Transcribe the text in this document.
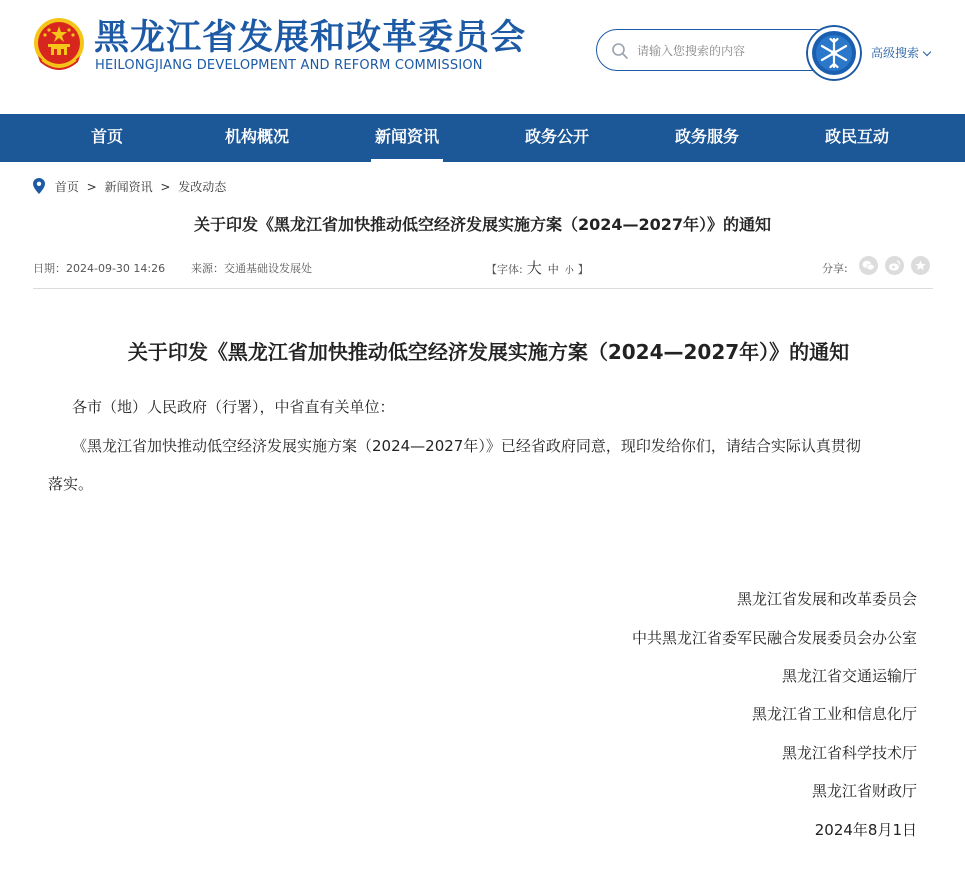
黑龙江省发展和改革委员会
HEILONGJIANG DEVELOPMENT AND REFORM COMMISSION
请输入您搜索的内容
高级搜索
首页	机构概况	新闻资讯	政务公开	政务服务	政民互动
首页 > 新闻资讯 > 发改动态
关于印发《黑龙江省加快推动低空经济发展实施方案（2024—2027年）》的通知
日期：2024-09-30 14:26 来源：交通基础设发展处	【字体: 大 中 小 】	分享:
关于印发《黑龙江省加快推动低空经济发展实施方案（2024—2027年）》的通知
各市（地）人民政府（行署），中省直有关单位：
《黑龙江省加快推动低空经济发展实施方案（2024—2027年）》已经省政府同意，现印发给你们，请结合实际认真贯彻
落实。
黑龙江省发展和改革委员会
中共黑龙江省委军民融合发展委员会办公室
黑龙江省交通运输厅
黑龙江省工业和信息化厅
黑龙江省科学技术厅
黑龙江省财政厅
2024年8月1日
